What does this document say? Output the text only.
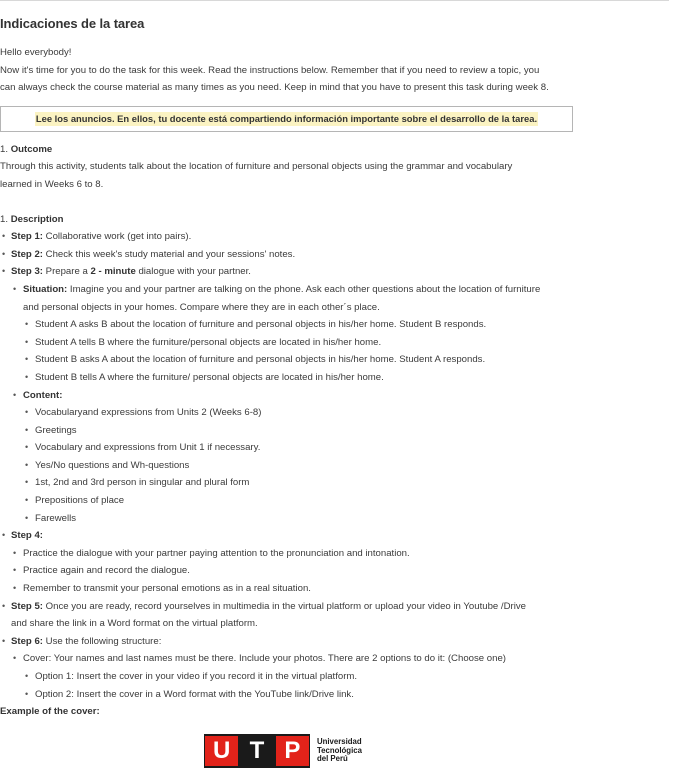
Indicaciones de la tarea

Hello everybody!

Now it's time for you to do the task for this week. Read the instructions below. Remember that if you need to review a topic, you

can always check the course material as many times as you need. Keep in mind that you have to present this task during week 8.

Lee los anuncios. En ellos, tu docente está compartiendo información importante sobre el desarrollo de la tarea.
1. Outcome

Through this activity, students talk about the location of furniture and personal objects using the grammar and vocabulary

learned in Weeks 6 to 8.

1. Description
• Step 1: Collaborative work (get into pairs).
• Step 2: Check this week's study material and your sessions' notes.
• Step 3: Prepare a 2 - minute dialogue with your partner.
• Situation: Imagine you and your partner are talking on the phone. Ask each other questions about the location of furniture
and personal objects in your homes. Compare where they are in each other´s place.
• Student A asks B about the location of furniture and personal objects in his/her home. Student B responds.
• Student A tells B where the furniture/personal objects are located in his/her home.
• Student B asks A about the location of furniture and personal objects in his/her home. Student A responds.
• Student B tells A where the furniture/ personal objects are located in his/her home.
• Content:
• Vocabularyand expressions from Units 2 (Weeks 6-8)
• Greetings
• Vocabulary and expressions from Unit 1 if necessary.
• Yes/No questions and Wh-questions
• 1st, 2nd and 3rd person in singular and plural form
• Prepositions of place
• Farewells
• Step 4:
• Practice the dialogue with your partner paying attention to the pronunciation and intonation.
• Practice again and record the dialogue.
• Remember to transmit your personal emotions as in a real situation.
• Step 5: Once you are ready, record yourselves in multimedia in the virtual platform or upload your video in Youtube /Drive
and share the link in a Word format on the virtual platform.
• Step 6: Use the following structure:
• Cover: Your names and last names must be there. Include your photos. There are 2 options to do it: (Choose one)
• Option 1: Insert the cover in your video if you record it in the virtual platform.
• Option 2: Insert the cover in a Word format with the YouTube link/Drive link.
Example of the cover:
U T P	Universidad
Tecnológica
del Perú
